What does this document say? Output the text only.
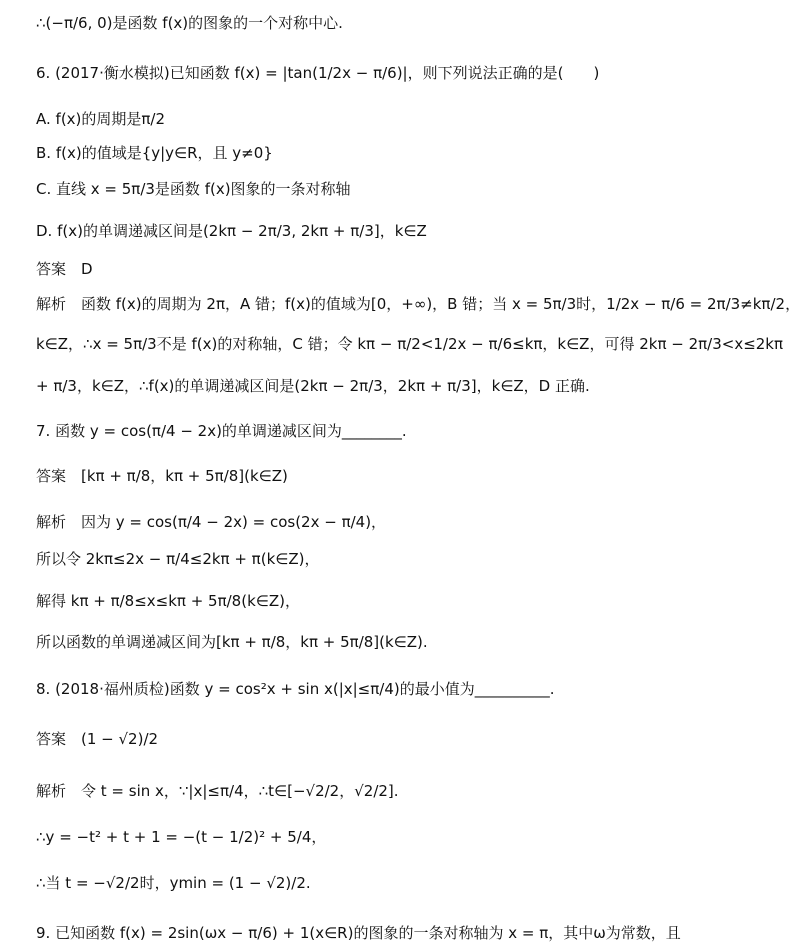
∴(−π/6, 0)是函数 f(x)的图象的一个对称中心.
6. (2017·衡水模拟)已知函数 f(x) = |tan(1/2x − π/6)|，则下列说法正确的是(　　)
A. f(x)的周期是π/2
B. f(x)的值域是{y|y∈R，且 y≠0}
C. 直线 x = 5π/3是函数 f(x)图象的一条对称轴
D. f(x)的单调递减区间是(2kπ − 2π/3, 2kπ + π/3]，k∈Z
答案　D
解析　函数 f(x)的周期为 2π，A 错；f(x)的值域为[0，+∞)，B 错；当 x = 5π/3时，1/2x − π/6 = 2π/3≠kπ/2，
k∈Z，∴x = 5π/3不是 f(x)的对称轴，C 错；令 kπ − π/2<1/2x − π/6≤kπ，k∈Z，可得 2kπ − 2π/3<x≤2kπ
+ π/3，k∈Z，∴f(x)的单调递减区间是(2kπ − 2π/3，2kπ + π/3]，k∈Z，D 正确.
7. 函数 y = cos(π/4 − 2x)的单调递减区间为________.
答案　[kπ + π/8，kπ + 5π/8](k∈Z)
解析　因为 y = cos(π/4 − 2x) = cos(2x − π/4)，
所以令 2kπ≤2x − π/4≤2kπ + π(k∈Z)，
解得 kπ + π/8≤x≤kπ + 5π/8(k∈Z)，
所以函数的单调递减区间为[kπ + π/8，kπ + 5π/8](k∈Z).
8. (2018·福州质检)函数 y = cos²x + sin x(|x|≤π/4)的最小值为__________.
答案　(1 − √2)/2
解析　令 t = sin x，∵|x|≤π/4，∴t∈[−√2/2，√2/2].
∴y = −t² + t + 1 = −(t − 1/2)² + 5/4，
∴当 t = −√2/2时，ymin = (1 − √2)/2.
9. 已知函数 f(x) = 2sin(ωx − π/6) + 1(x∈R)的图象的一条对称轴为 x = π，其中ω为常数，且
